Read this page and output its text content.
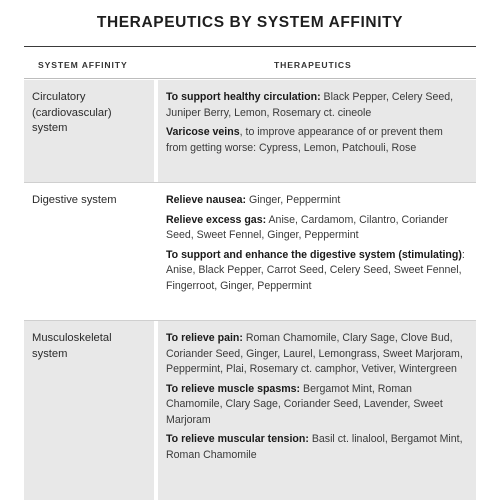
THERAPEUTICS BY SYSTEM AFFINITY
SYSTEM AFFINITY	THERAPEUTICS
Circulatory (cardiovascular) system
To support healthy circulation: Black Pepper, Celery Seed, Juniper Berry, Lemon, Rosemary ct. cineole
Varicose veins, to improve appearance of or prevent them from getting worse: Cypress, Lemon, Patchouli, Rose
Digestive system	Relieve nausea: Ginger, Peppermint
Relieve excess gas: Anise, Cardamom, Cilantro, Coriander Seed, Sweet Fennel, Ginger, Peppermint
To support and enhance the digestive system (stimulating): Anise, Black Pepper, Carrot Seed, Celery Seed, Sweet Fennel, Fingerroot, Ginger, Peppermint
Musculoskeletal system
To relieve pain: Roman Chamomile, Clary Sage, Clove Bud, Coriander Seed, Ginger, Laurel, Lemongrass, Sweet Marjoram, Peppermint, Plai, Rosemary ct. camphor, Vetiver, Wintergreen
To relieve muscle spasms: Bergamot Mint, Roman Chamomile, Clary Sage, Coriander Seed, Lavender, Sweet Marjoram
To relieve muscular tension: Basil ct. linalool, Bergamot Mint, Roman Chamomile
